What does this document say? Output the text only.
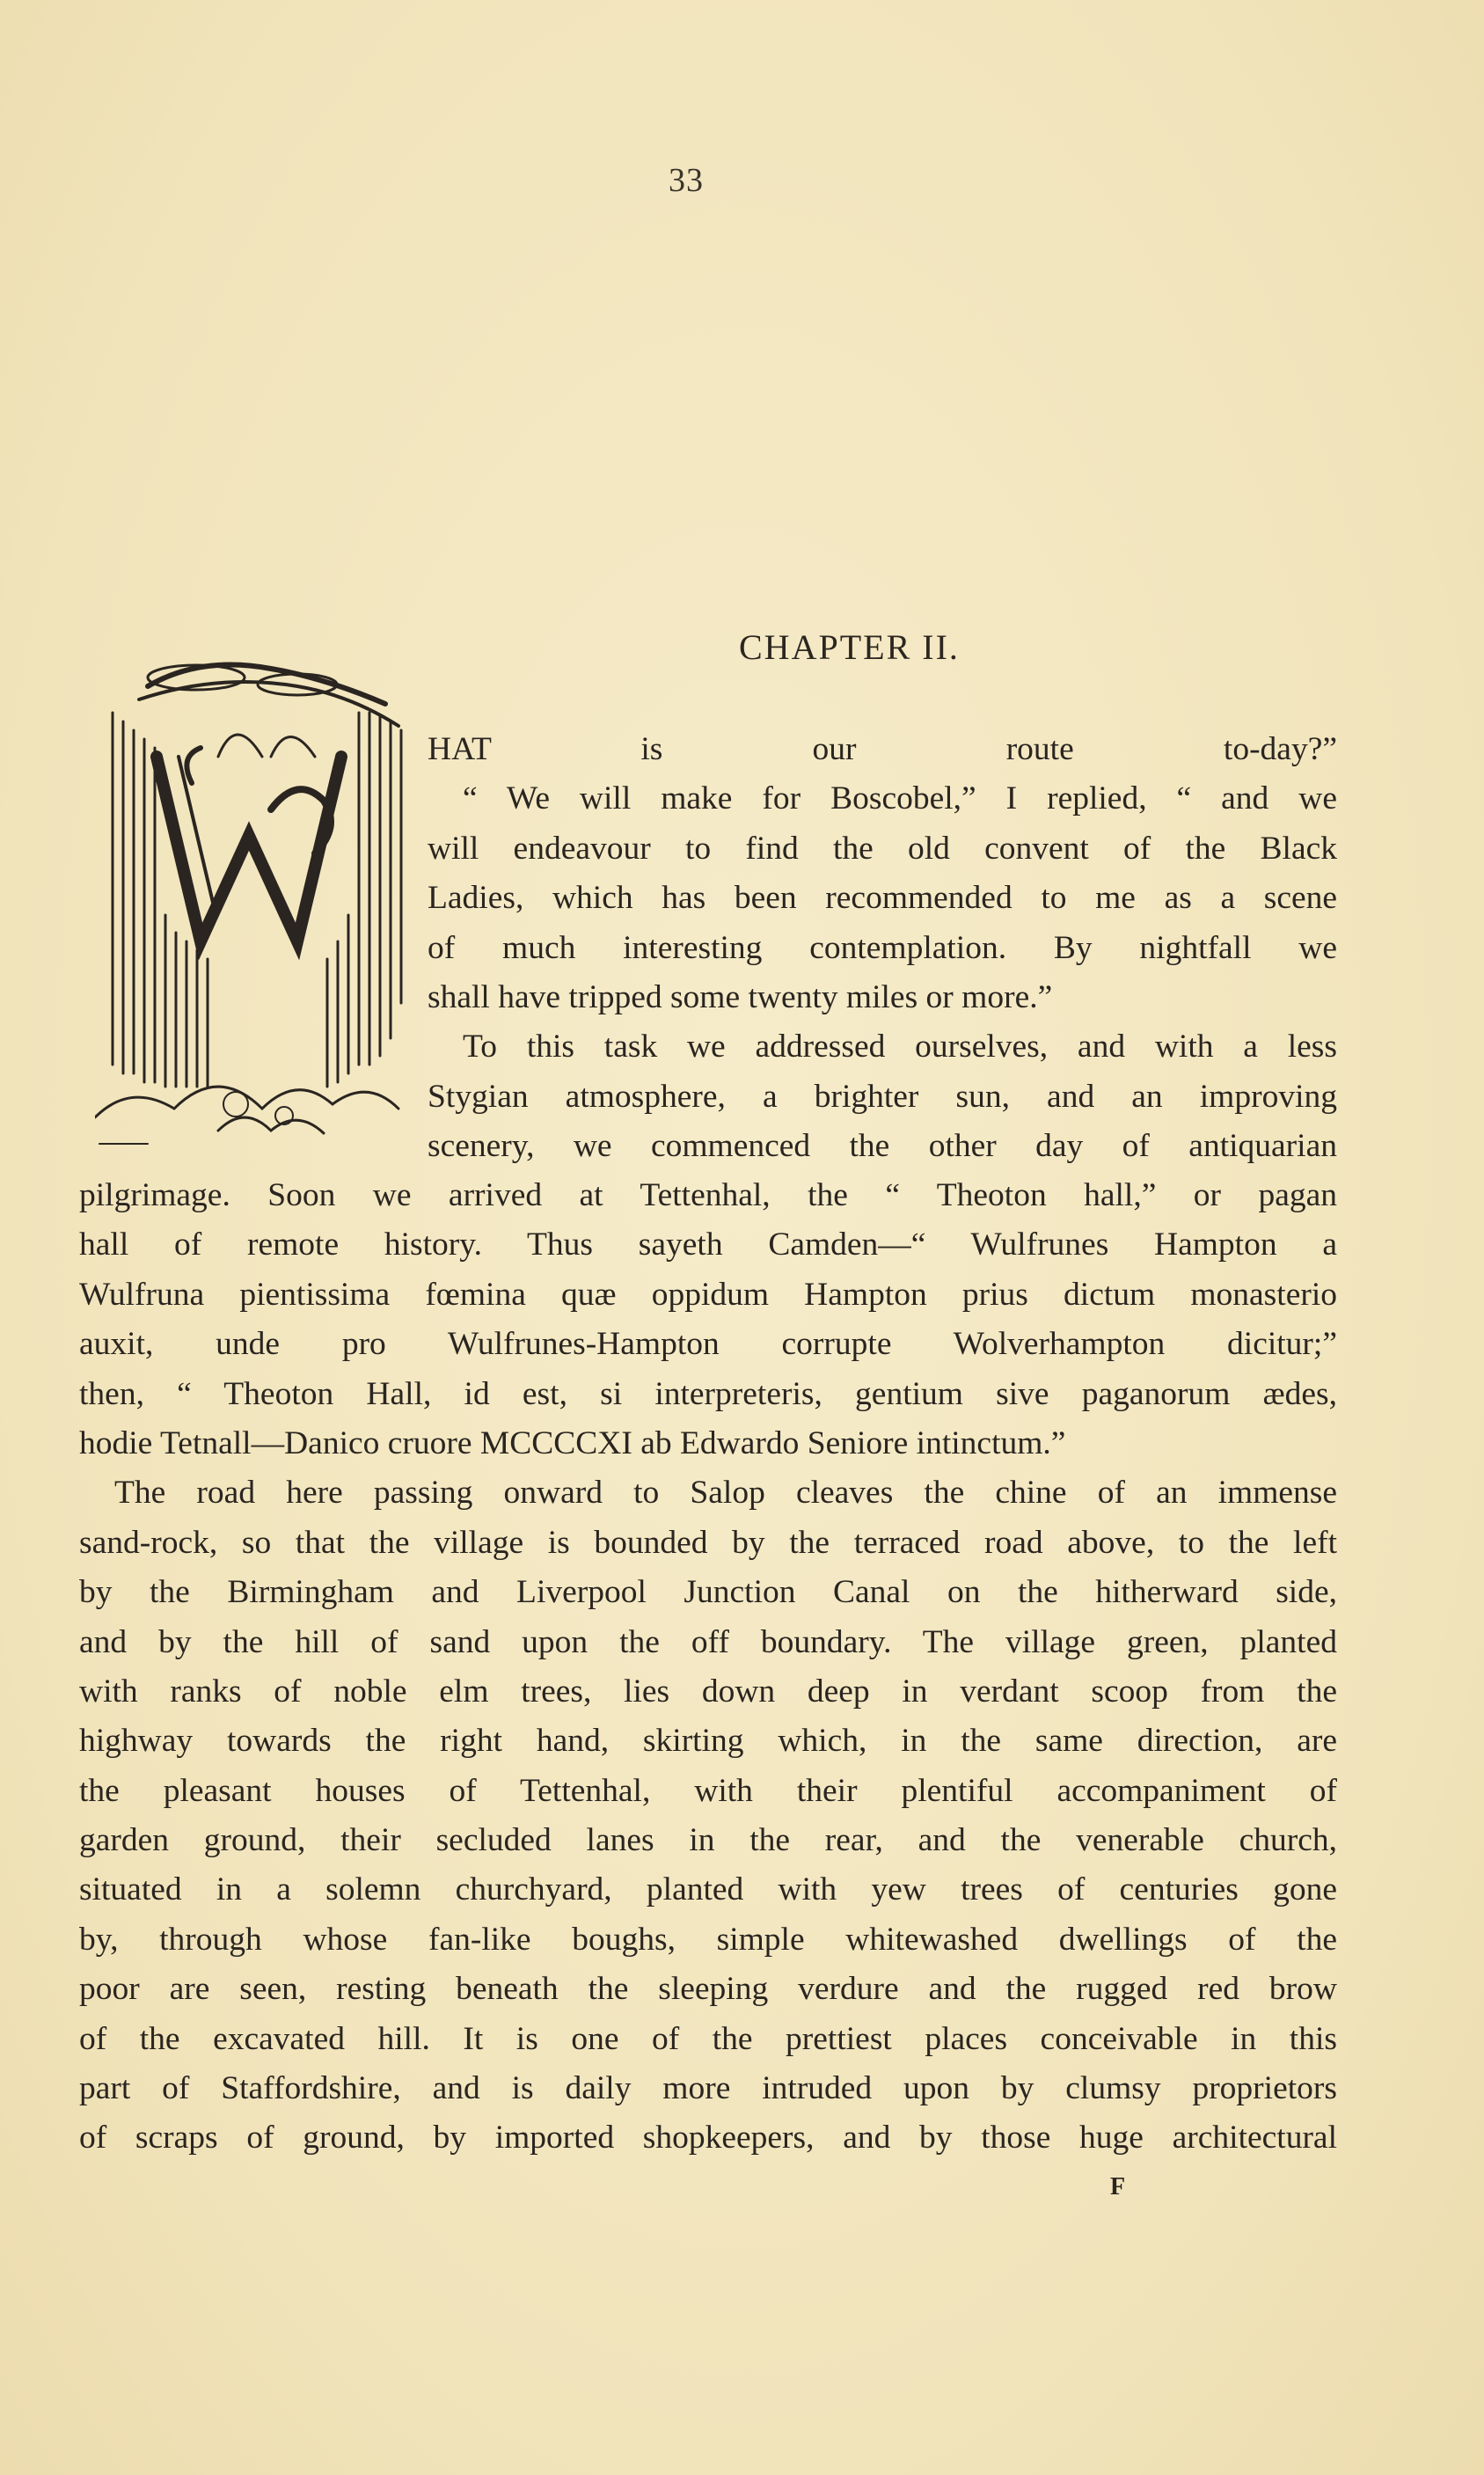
33
CHAPTER II.
HAT is our route to-day?”
“ We will make for Boscobel,” I replied, “ and we
will endeavour to find the old convent of the Black
Ladies, which has been recommended to me as a scene
of much interesting contemplation. By nightfall we
shall have tripped some twenty miles or more.”
To this task we addressed ourselves, and with a less
Stygian atmosphere, a brighter sun, and an improving
scenery, we commenced the other day of antiquarian
pilgrimage. Soon we arrived at Tettenhal, the “ Theoton hall,” or pagan
hall of remote history. Thus sayeth Camden—“ Wulfrunes Hampton a
Wulfruna pientissima fœmina quæ oppidum Hampton prius dictum monasterio
auxit, unde pro Wulfrunes-Hampton corrupte Wolverhampton dicitur;”
then, “ Theoton Hall, id est, si interpreteris, gentium sive paganorum ædes,
hodie Tetnall—Danico cruore MCCCCXI ab Edwardo Seniore intinctum.”
The road here passing onward to Salop cleaves the chine of an immense
sand-rock, so that the village is bounded by the terraced road above, to the left
by the Birmingham and Liverpool Junction Canal on the hitherward side,
and by the hill of sand upon the off boundary. The village green, planted
with ranks of noble elm trees, lies down deep in verdant scoop from the
highway towards the right hand, skirting which, in the same direction, are
the pleasant houses of Tettenhal, with their plentiful accompaniment of
garden ground, their secluded lanes in the rear, and the venerable church,
situated in a solemn churchyard, planted with yew trees of centuries gone
by, through whose fan-like boughs, simple whitewashed dwellings of the
poor are seen, resting beneath the sleeping verdure and the rugged red brow
of the excavated hill. It is one of the prettiest places conceivable in this
part of Staffordshire, and is daily more intruded upon by clumsy proprietors
of scraps of ground, by imported shopkeepers, and by those huge architectural
F
